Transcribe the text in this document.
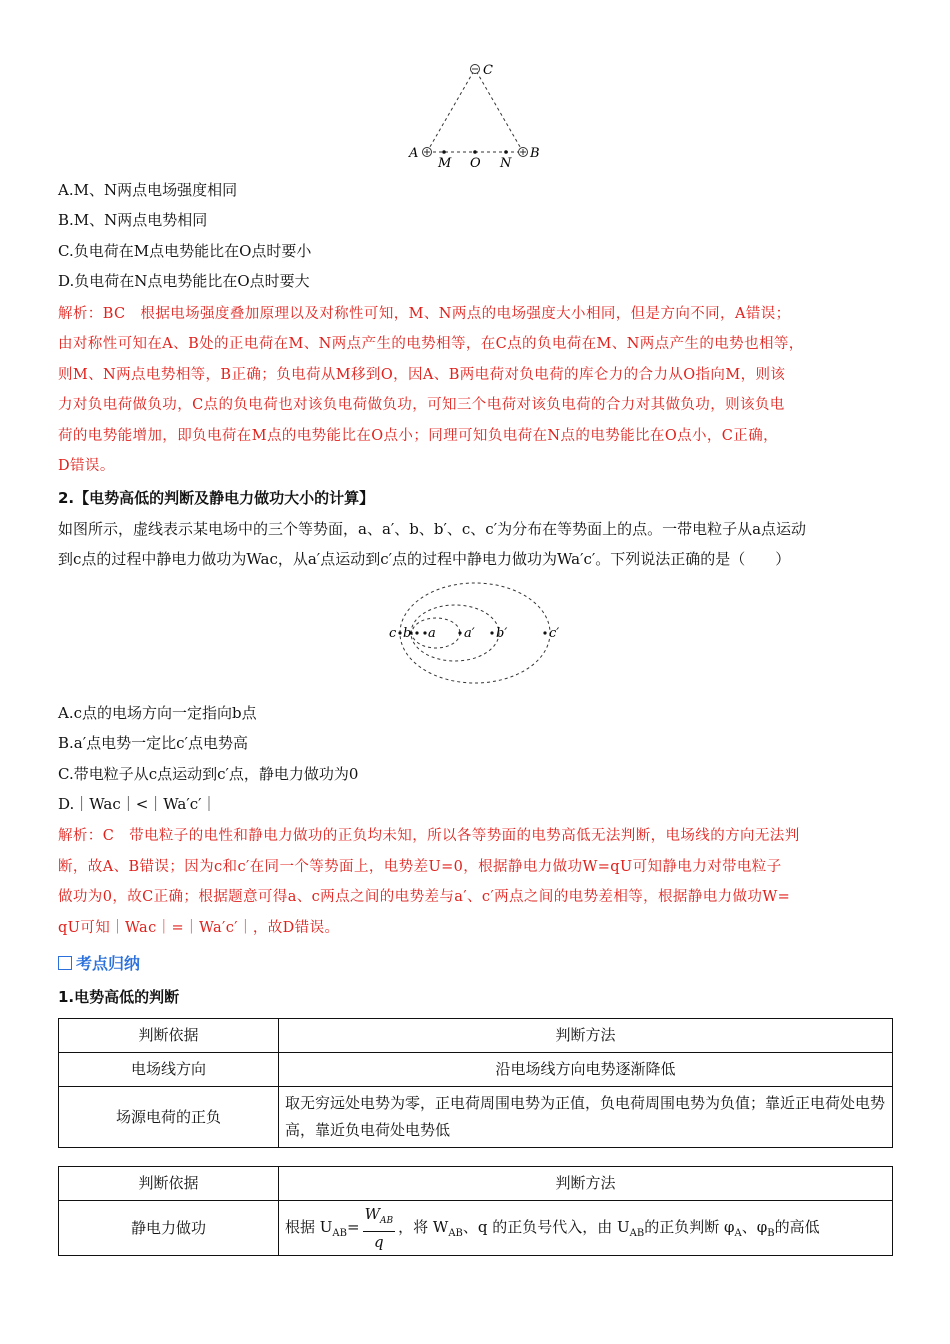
C
A	B
M O N
A.M、N两点电场强度相同
B.M、N两点电势相同
C.负电荷在M点电势能比在O点时要小
D.负电荷在N点电势能比在O点时要大
解析：BC　根据电场强度叠加原理以及对称性可知，M、N两点的电场强度大小相同，但是方向不同，A错误；
由对称性可知在A、B处的正电荷在M、N两点产生的电势相等，在C点的负电荷在M、N两点产生的电势也相等，
则M、N两点电势相等，B正确；负电荷从M移到O，因A、B两电荷对负电荷的库仑力的合力从O指向M，则该
力对负电荷做负功，C点的负电荷也对该负电荷做负功，可知三个电荷对该负电荷的合力对其做负功，则该负电
荷的电势能增加，即负电荷在M点的电势能比在O点小；同理可知负电荷在N点的电势能比在O点小，C正确，
D错误。
2.【电势高低的判断及静电力做功大小的计算】
如图所示，虚线表示某电场中的三个等势面，a、a′、b、b′、c、c′为分布在等势面上的点。一带电粒子从a点运动
到c点的过程中静电力做功为Wac，从a′点运动到c′点的过程中静电力做功为Wa′c′。下列说法正确的是（　　）
c b a a′ b′	c′
A.c点的电场方向一定指向b点
B.a′点电势一定比c′点电势高
C.带电粒子从c点运动到c′点，静电力做功为0
D.｜Wac｜<｜Wa′c′｜
解析：C　带电粒子的电性和静电力做功的正负均未知，所以各等势面的电势高低无法判断，电场线的方向无法判
断，故A、B错误；因为c和c′在同一个等势面上，电势差U=0，根据静电力做功W=qU可知静电力对带电粒子
做功为0，故C正确；根据题意可得a、c两点之间的电势差与a′、c′两点之间的电势差相等，根据静电力做功W=
qU可知｜Wac｜=｜Wa′c′｜，故D错误。
考点归纳
1.电势高低的判断
判断依据	判断方法
电场线方向	沿电场线方向电势逐渐降低
场源电荷的正负	取无穷远处电势为零，正电荷周围电势为正值，负电荷周围电势为负值；靠近正电荷处电势高，靠近负电荷处电势低
判断依据	判断方法
静电力做功	根据 $U_{AB}=$
$W_{AB}$
q
，将 $W_{AB}$、q 的正负号代入，由 $U_{AB}$的正负判断 $\varphi_A$、$\varphi_B$的高低
